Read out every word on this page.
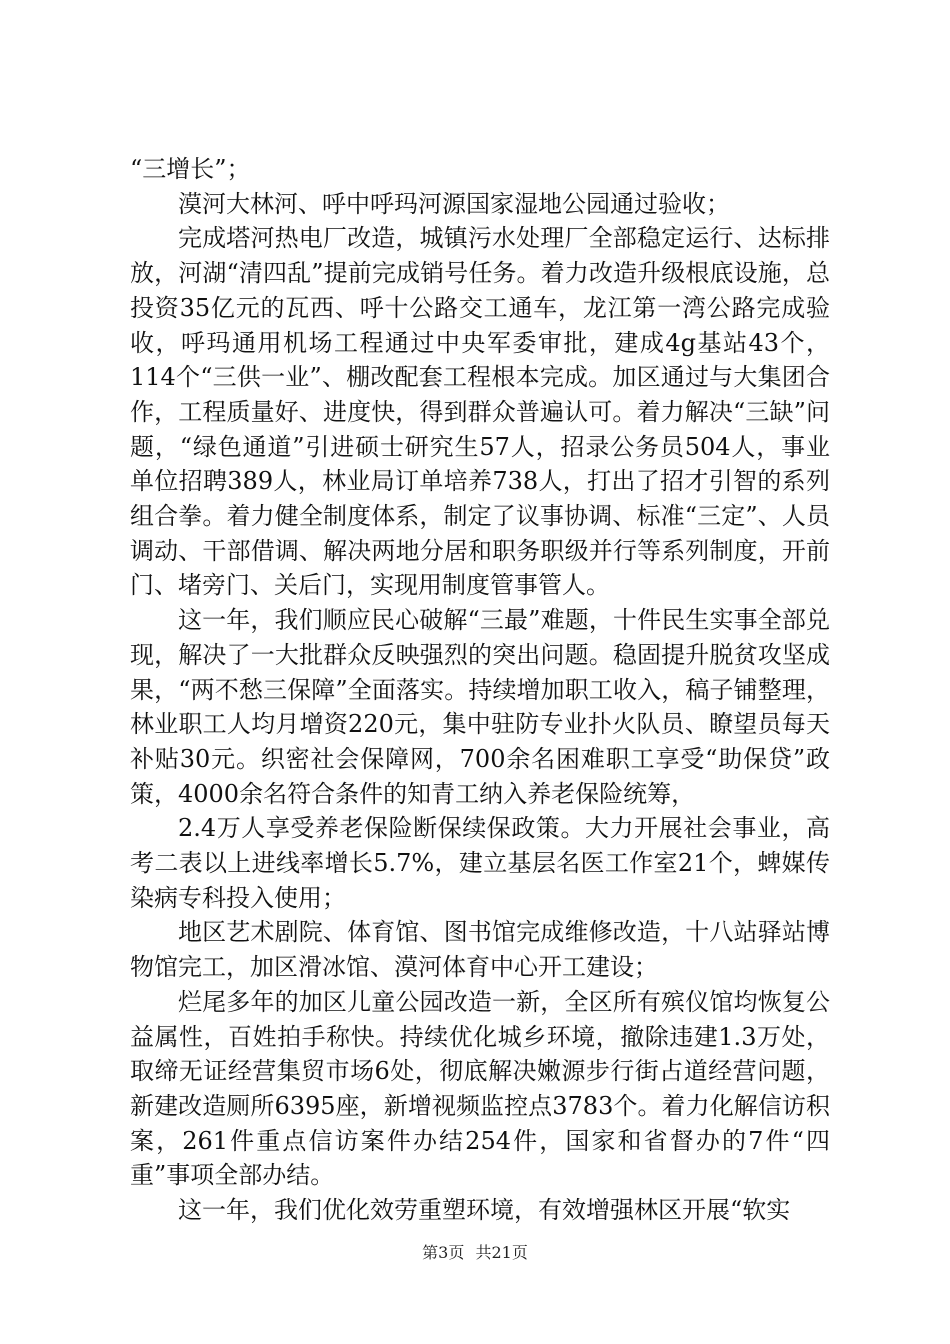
“三增长”；

漠河大林河、呼中呼玛河源国家湿地公园通过验收；

完成塔河热电厂改造，城镇污水处理厂全部稳定运行、达标排放，河湖“清四乱”提前完成销号任务。着力改造升级根底设施，总投资35亿元的瓦西、呼十公路交工通车，龙江第一湾公路完成验收，呼玛通用机场工程通过中央军委审批，建成4g基站43个，114个“三供一业”、棚改配套工程根本完成。加区通过与大集团合作，工程质量好、进度快，得到群众普遍认可。着力解决“三缺”问题，“绿色通道”引进硕士研究生57人，招录公务员504人，事业单位招聘389人，林业局订单培养738人，打出了招才引智的系列组合拳。着力健全制度体系，制定了议事协调、标准“三定”、人员调动、干部借调、解决两地分居和职务职级并行等系列制度，开前门、堵旁门、关后门，实现用制度管事管人。

这一年，我们顺应民心破解“三最”难题，十件民生实事全部兑现，解决了一大批群众反映强烈的突出问题。稳固提升脱贫攻坚成果，“两不愁三保障”全面落实。持续增加职工收入，稿子铺整理，林业职工人均月增资220元，集中驻防专业扑火队员、瞭望员每天补贴30元。织密社会保障网，700余名困难职工享受“助保贷”政策，4000余名符合条件的知青工纳入养老保险统筹，

2.4万人享受养老保险断保续保政策。大力开展社会事业，高考二表以上进线率增长5.7%，建立基层名医工作室21个，蜱媒传染病专科投入使用；

地区艺术剧院、体育馆、图书馆完成维修改造，十八站驿站博物馆完工，加区滑冰馆、漠河体育中心开工建设；

烂尾多年的加区儿童公园改造一新，全区所有殡仪馆均恢复公益属性，百姓拍手称快。持续优化城乡环境，撤除违建1.3万处，取缔无证经营集贸市场6处，彻底解决嫩源步行街占道经营问题，新建改造厕所6395座，新增视频监控点3783个。着力化解信访积案，261件重点信访案件办结254件，国家和省督办的7件“四重”事项全部办结。

这一年，我们优化效劳重塑环境，有效增强林区开展“软实

第3页 共21页
